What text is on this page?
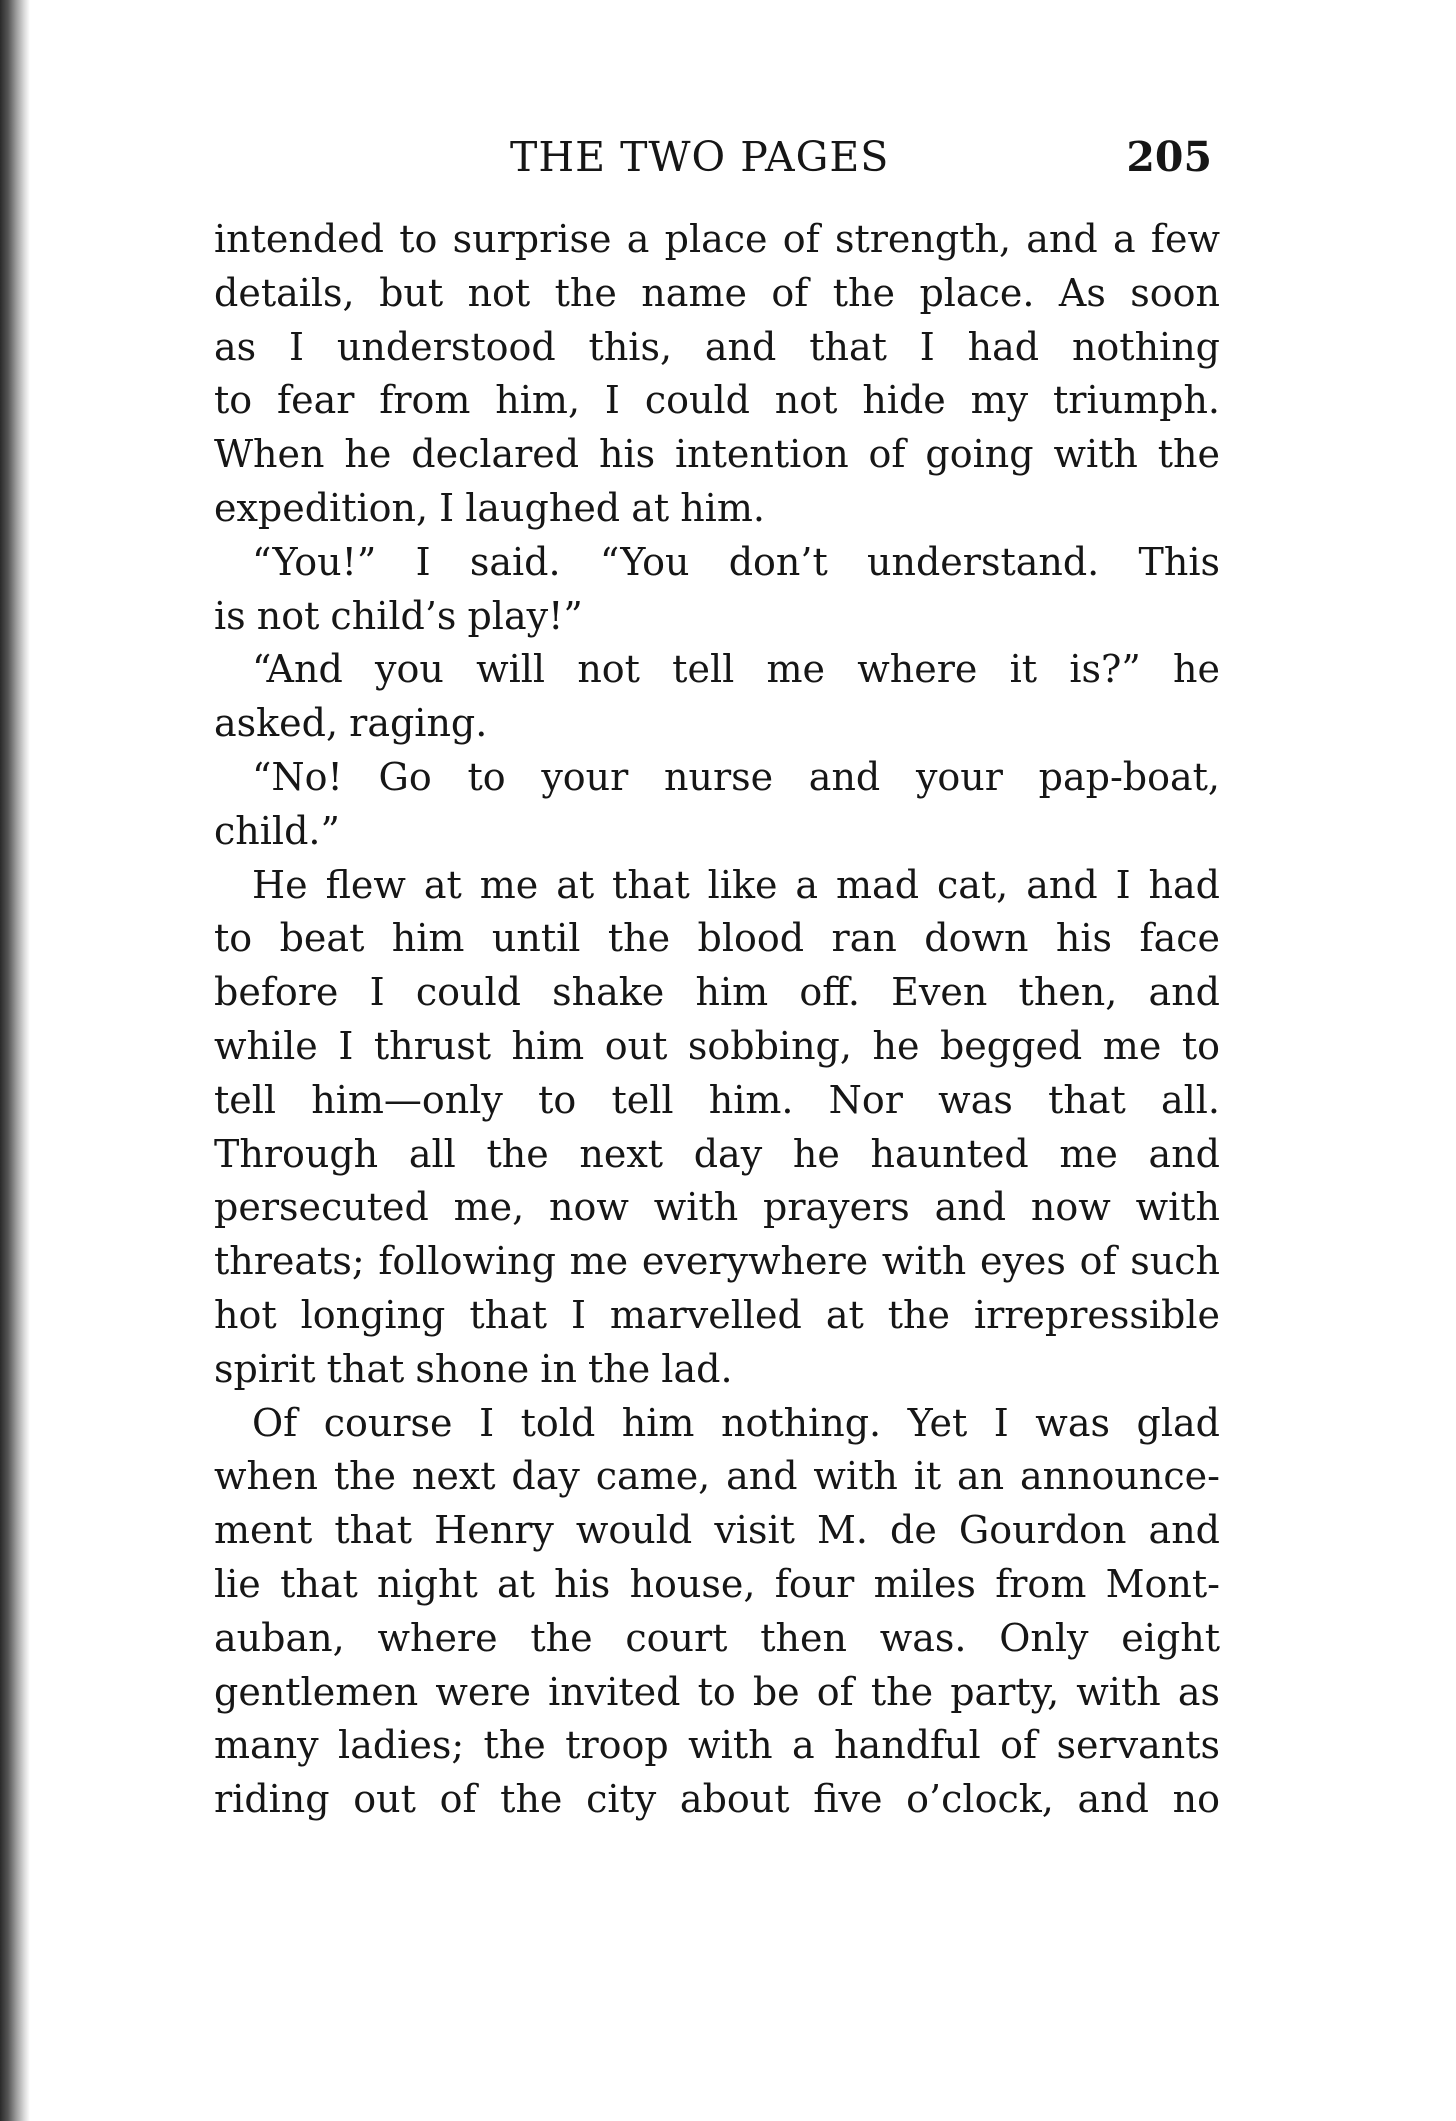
THE TWO PAGES	205
intended to surprise a place of strength, and a few
details, but not the name of the place. As soon
as I understood this, and that I had nothing
to fear from him, I could not hide my triumph.
When he declared his intention of going with the
expedition, I laughed at him.
“You!” I said. “You don’t understand. This
is not child’s play!”
“And you will not tell me where it is?” he
asked, raging.
“No! Go to your nurse and your pap-boat,
child.”
He flew at me at that like a mad cat, and I had
to beat him until the blood ran down his face
before I could shake him off. Even then, and
while I thrust him out sobbing, he begged me to
tell him—only to tell him. Nor was that all.
Through all the next day he haunted me and
persecuted me, now with prayers and now with
threats; following me everywhere with eyes of such
hot longing that I marvelled at the irrepressible
spirit that shone in the lad.
Of course I told him nothing. Yet I was glad
when the next day came, and with it an announce-
ment that Henry would visit M. de Gourdon and
lie that night at his house, four miles from Mont-
auban, where the court then was. Only eight
gentlemen were invited to be of the party, with as
many ladies; the troop with a handful of servants
riding out of the city about five o’clock, and no
